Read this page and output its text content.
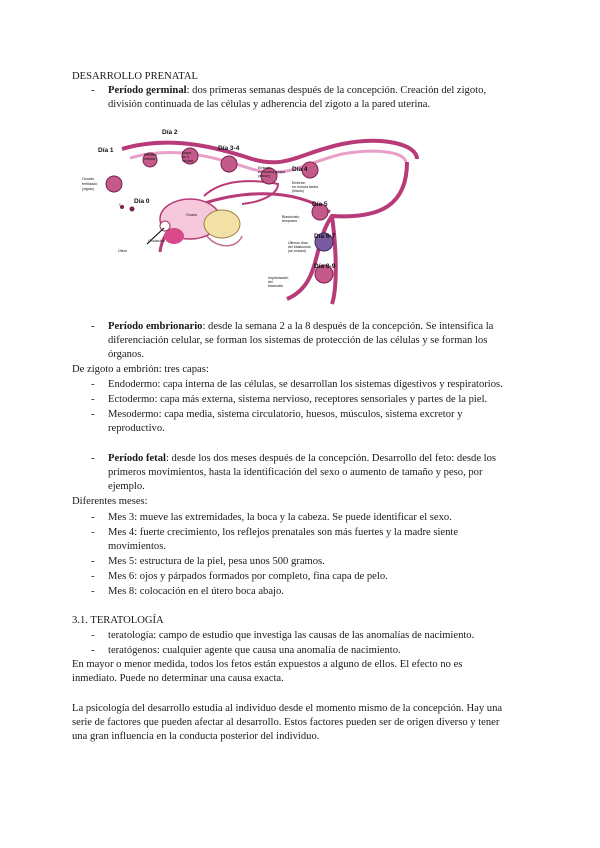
DESARROLLO PRENATAL
- Período germinal: dos primeras semanas después de la concepción. Creación del zigoto,
división continuada de las células y adherencia del zigoto a la pared uterina.
Día 1
Día 2
Día 3-4
Día 4
Día 5
Día 6-7
Día 8-9
Día 0
Ovocito
fertilizado
(zigoto)
Primera
mitosis
Etapa
de 4
células
Embrión
en mórula (etapa
precoz)
Embrión
en mórula tardía
(blasto)
Blastocisto
temprano
Últimos días
del blastocisto
(se enlaza)
Implantación
del
blastocito
Ovario
Ovulación
Útero
♀
- Período embrionario: desde la semana 2 a la 8 después de la concepción. Se intensifica la
diferenciación celular, se forman los sistemas de protección de las células y se forman los
órganos.
De zigoto a embrión: tres capas:
- Endodermo: capa interna de las células, se desarrollan los sistemas digestivos y respiratorios.
- Ectodermo: capa más externa, sistema nervioso, receptores sensoriales y partes de la piel.
- Mesodermo: capa media, sistema circulatorio, huesos, músculos, sistema excretor y
reproductivo.
- Período fetal: desde los dos meses después de la concepción. Desarrollo del feto: desde los
primeros movimientos, hasta la identificación del sexo o aumento de tamaño y peso, por
ejemplo.
Diferentes meses:
- Mes 3: mueve las extremidades, la boca y la cabeza. Se puede identificar el sexo.
- Mes 4: fuerte crecimiento, los reflejos prenatales son más fuertes y la madre siente
movimientos.
- Mes 5: estructura de la piel, pesa unos 500 gramos.
- Mes 6: ojos y párpados formados por completo, fina capa de pelo.
- Mes 8: colocación en el útero boca abajo.
3.1. TERATOLOGÍA
- teratología: campo de estudio que investiga las causas de las anomalías de nacimiento.
- teratógenos: cualquier agente que causa una anomalía de nacimiento.
En mayor o menor medida, todos los fetos están expuestos a alguno de ellos. El efecto no es
inmediato. Puede no determinar una causa exacta.
La psicología del desarrollo estudia al individuo desde el momento mismo de la concepción. Hay una
serie de factores que pueden afectar al desarrollo. Estos factores pueden ser de origen diverso y tener
una gran influencia en la conducta posterior del individuo.
